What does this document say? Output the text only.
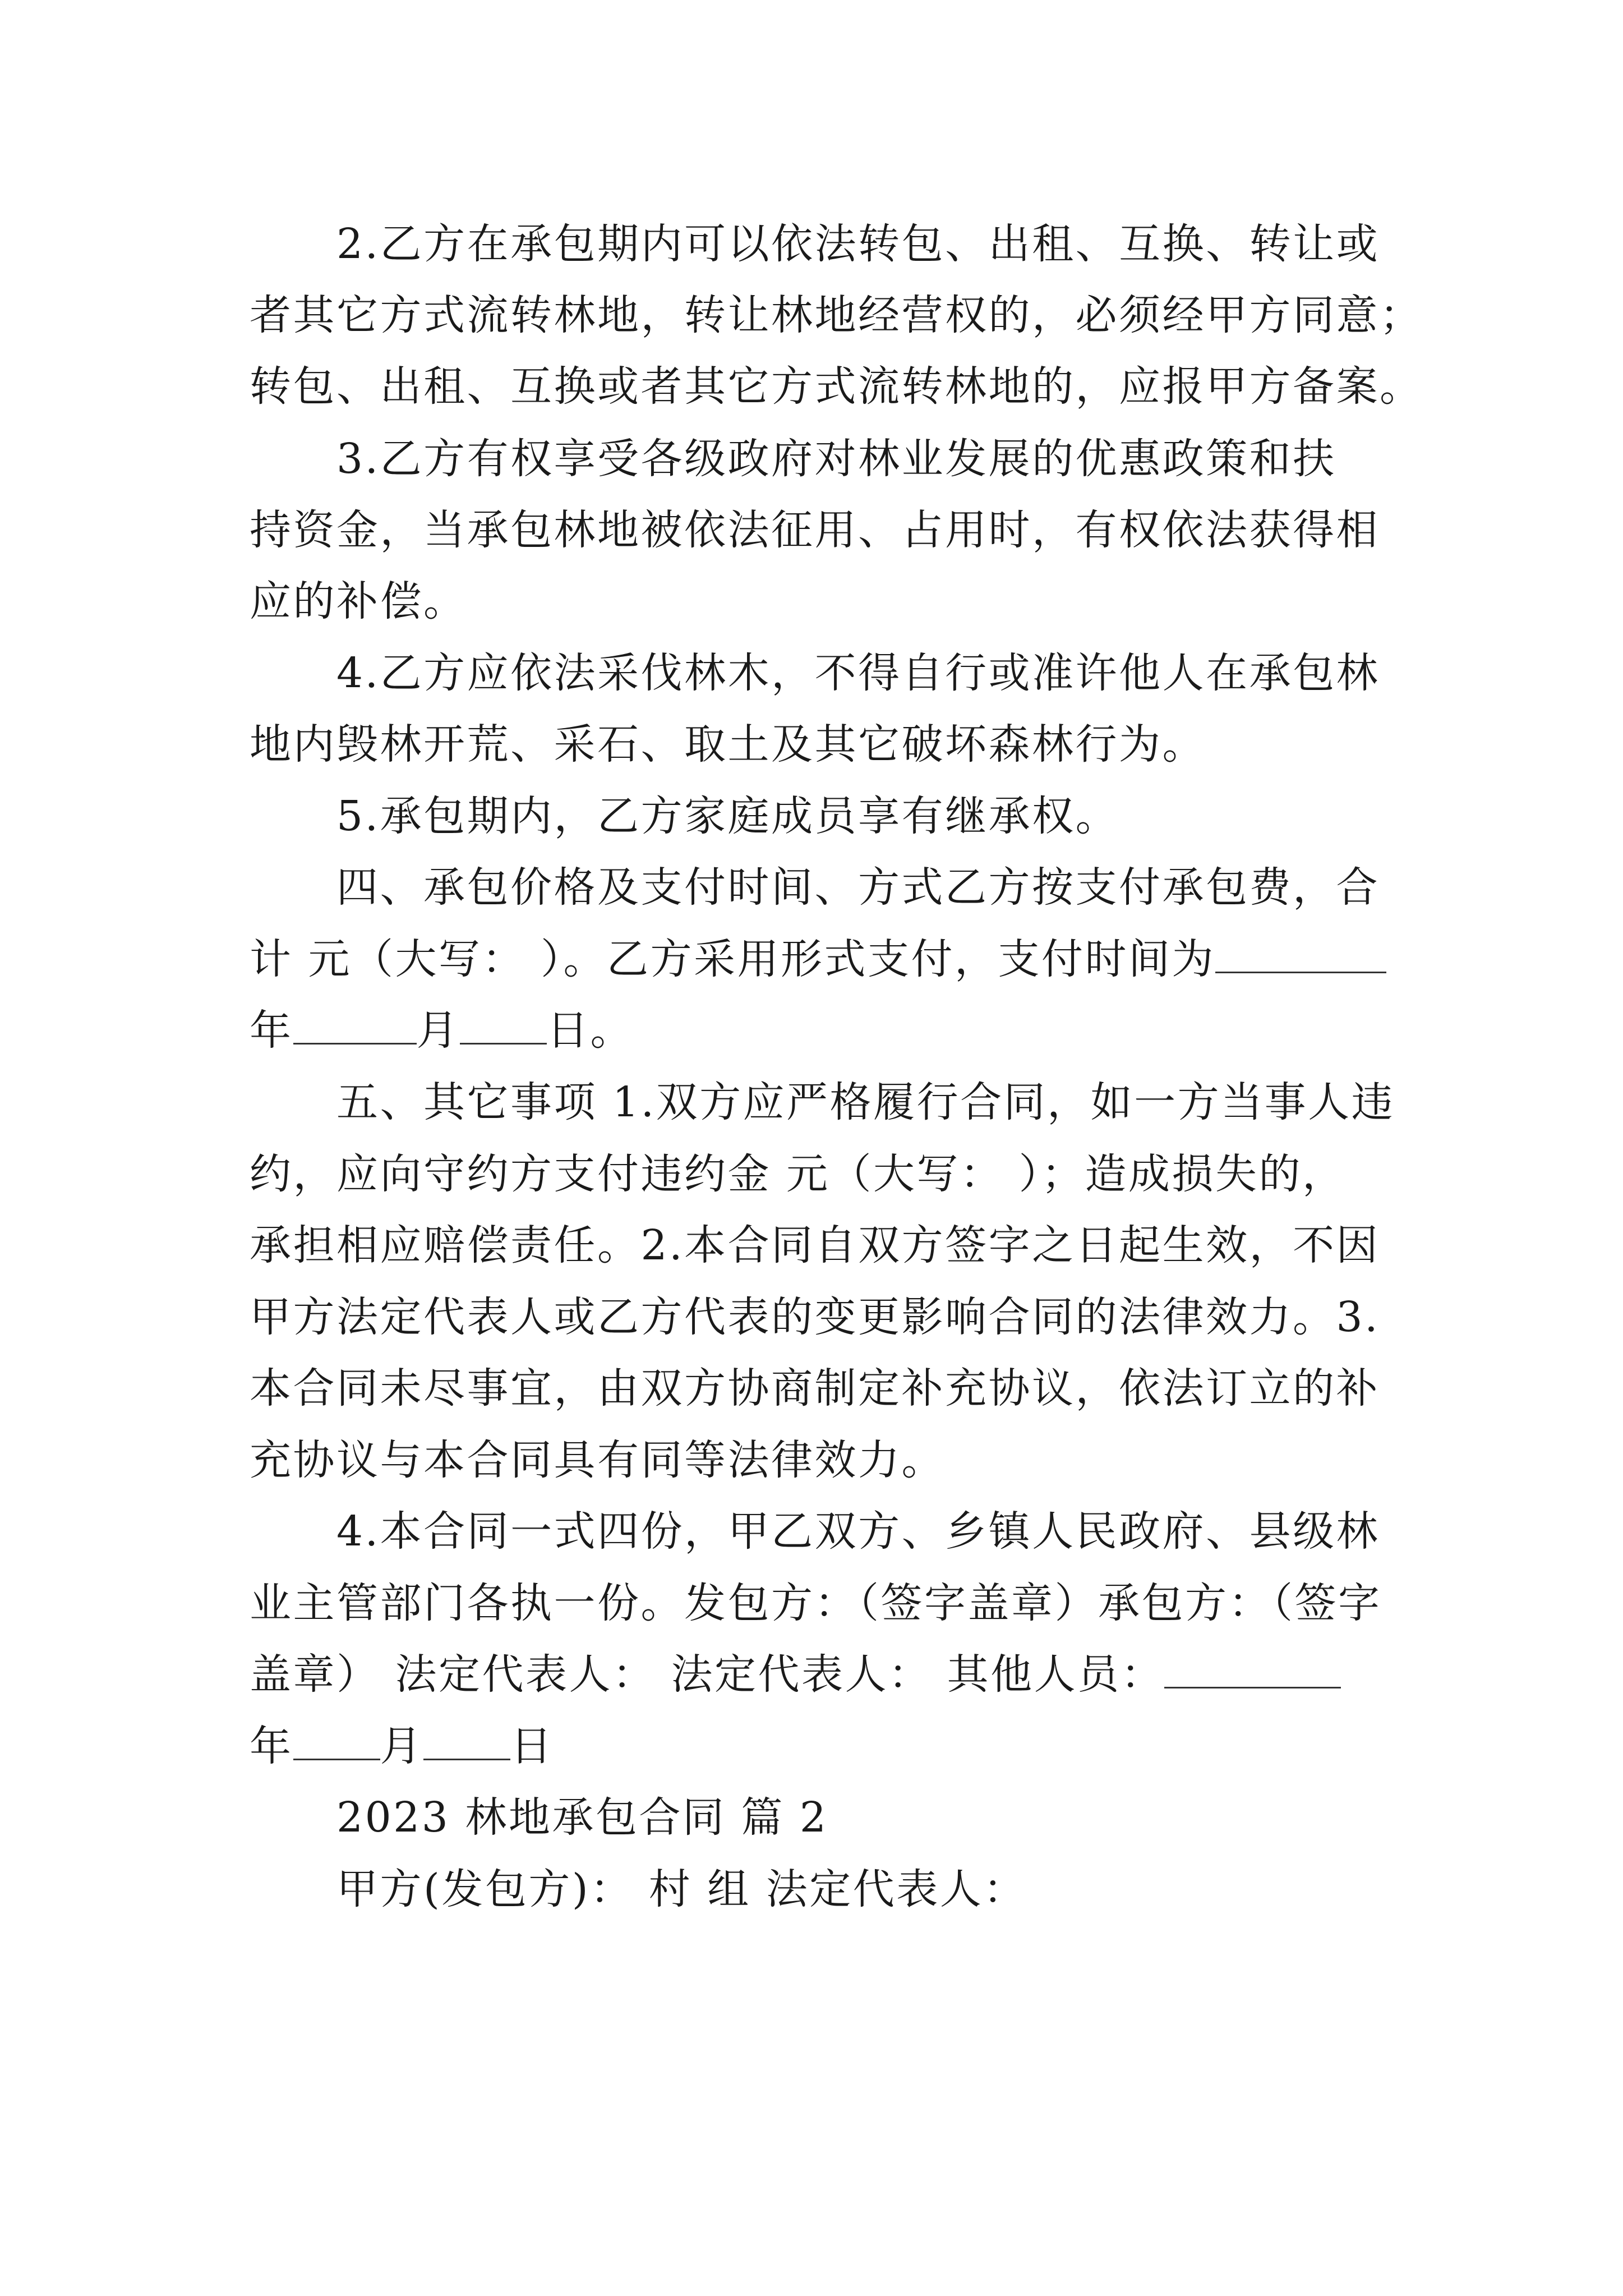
2.乙方在承包期内可以依法转包、出租、互换、转让或
者其它方式流转林地，转让林地经营权的，必须经甲方同意；
转包、出租、互换或者其它方式流转林地的，应报甲方备案。
3.乙方有权享受各级政府对林业发展的优惠政策和扶
持资金，当承包林地被依法征用、占用时，有权依法获得相
应的补偿。
4.乙方应依法采伐林木，不得自行或准许他人在承包林
地内毁林开荒、采石、取土及其它破坏森林行为。
5.承包期内，乙方家庭成员享有继承权。
四、承包价格及支付时间、方式乙方按支付承包费，合
计 元（大写： ）。乙方采用形式支付，支付时间为
年	月 日。
五、其它事项 1.双方应严格履行合同，如一方当事人违
约，应向守约方支付违约金 元（大写： ）；造成损失的，
承担相应赔偿责任。2.本合同自双方签字之日起生效，不因
甲方法定代表人或乙方代表的变更影响合同的法律效力。3.
本合同未尽事宜，由双方协商制定补充协议，依法订立的补
充协议与本合同具有同等法律效力。
4.本合同一式四份，甲乙双方、乡镇人民政府、县级林
业主管部门各执一份。发包方：（签字盖章）承包方：（签字
盖章） 法定代表人： 法定代表人： 其他人员：
年 月 日
2023 林地承包合同 篇 2
甲方(发包方)： 村 组 法定代表人：
